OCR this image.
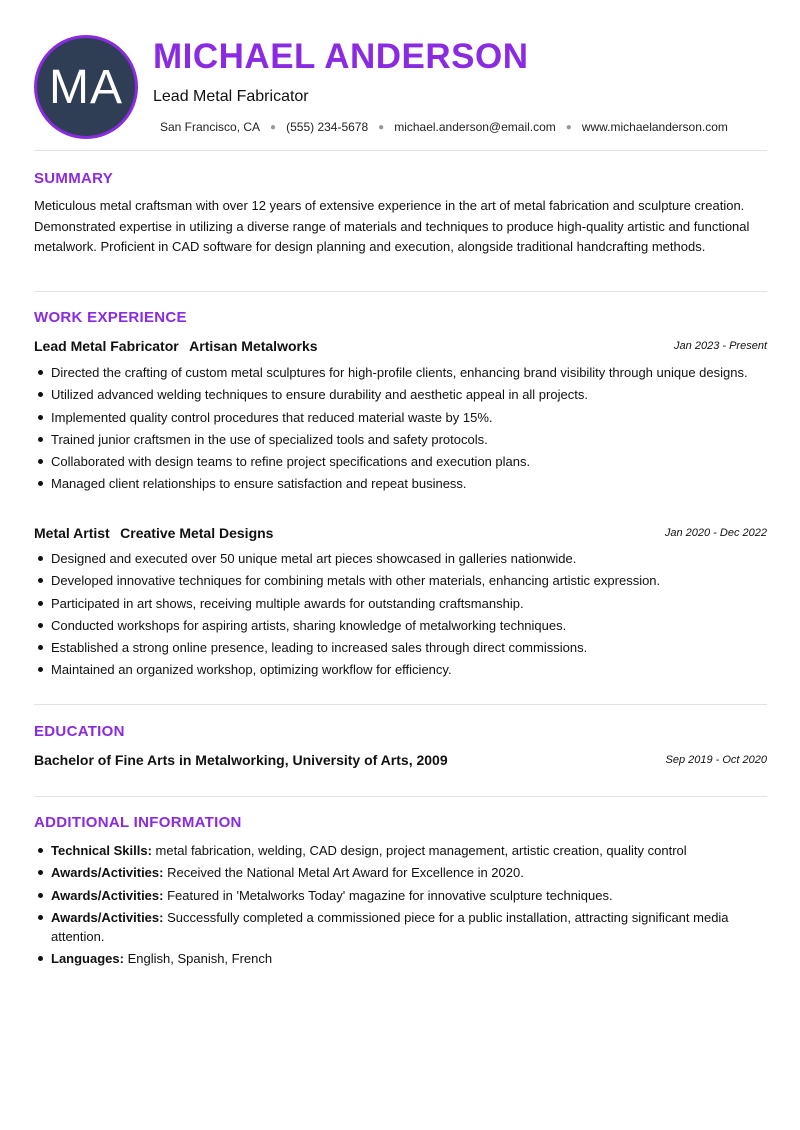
MA
MICHAEL ANDERSON
Lead Metal Fabricator
San Francisco, CA ● (555) 234-5678 ● michael.anderson@email.com ● www.michaelanderson.com
SUMMARY
Meticulous metal craftsman with over 12 years of extensive experience in the art of metal fabrication and sculpture creation. Demonstrated expertise in utilizing a diverse range of materials and techniques to produce high-quality artistic and functional metalwork. Proficient in CAD software for design planning and execution, alongside traditional handcrafting methods.
WORK EXPERIENCE
Lead Metal Fabricator Artisan Metalworks	Jan 2023 - Present
Directed the crafting of custom metal sculptures for high-profile clients, enhancing brand visibility through unique designs.
Utilized advanced welding techniques to ensure durability and aesthetic appeal in all projects.
Implemented quality control procedures that reduced material waste by 15%.
Trained junior craftsmen in the use of specialized tools and safety protocols.
Collaborated with design teams to refine project specifications and execution plans.
Managed client relationships to ensure satisfaction and repeat business.
Metal Artist Creative Metal Designs	Jan 2020 - Dec 2022
Designed and executed over 50 unique metal art pieces showcased in galleries nationwide.
Developed innovative techniques for combining metals with other materials, enhancing artistic expression.
Participated in art shows, receiving multiple awards for outstanding craftsmanship.
Conducted workshops for aspiring artists, sharing knowledge of metalworking techniques.
Established a strong online presence, leading to increased sales through direct commissions.
Maintained an organized workshop, optimizing workflow for efficiency.
EDUCATION
Bachelor of Fine Arts in Metalworking, University of Arts, 2009	Sep 2019 - Oct 2020
ADDITIONAL INFORMATION
Technical Skills: metal fabrication, welding, CAD design, project management, artistic creation, quality control
Awards/Activities: Received the National Metal Art Award for Excellence in 2020.
Awards/Activities: Featured in 'Metalworks Today' magazine for innovative sculpture techniques.
Awards/Activities: Successfully completed a commissioned piece for a public installation, attracting significant media attention.
Languages: English, Spanish, French
